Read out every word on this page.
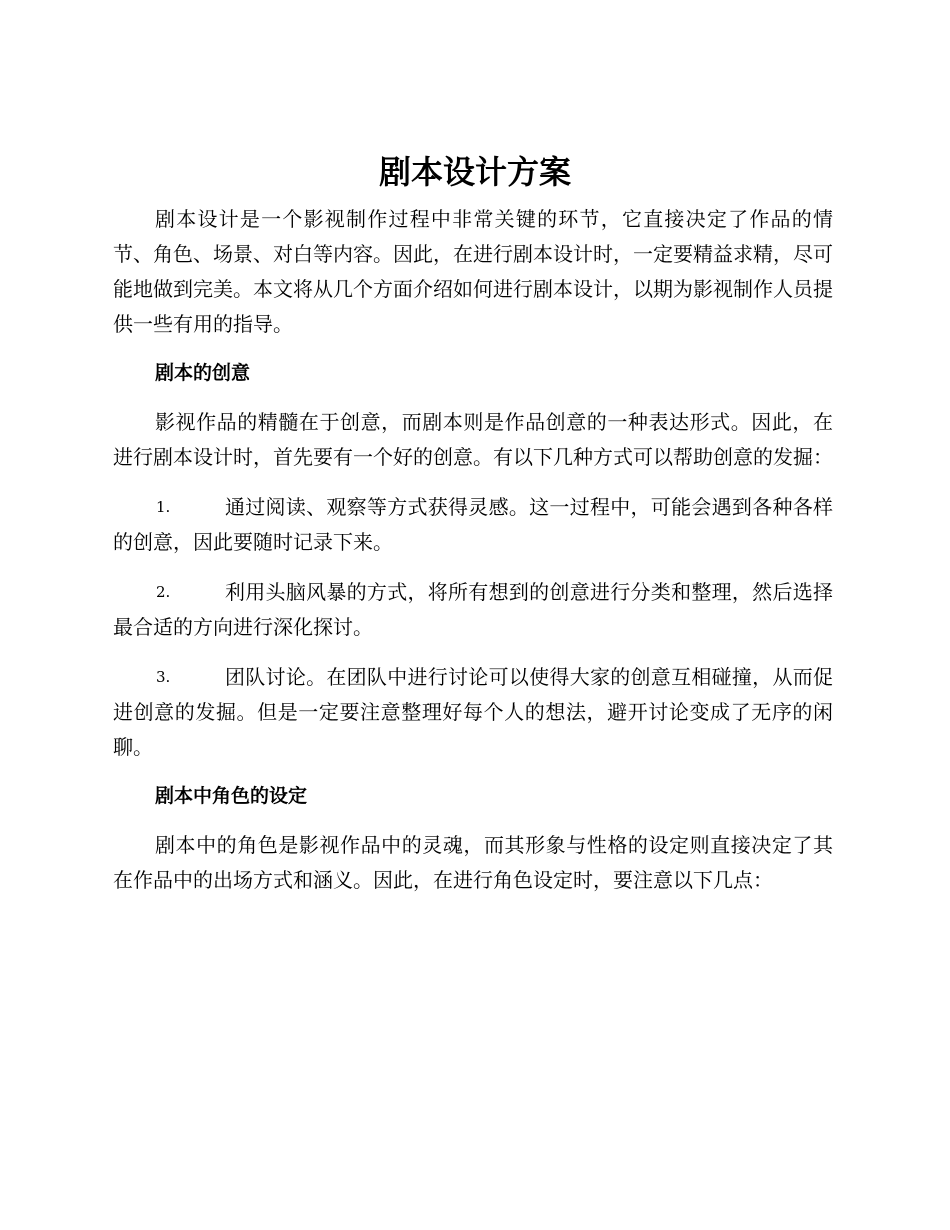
剧本设计方案

剧本设计是一个影视制作过程中非常关键的环节，它直接决定了作品的情节、角色、场景、对白等内容。因此，在进行剧本设计时，一定要精益求精，尽可能地做到完美。本文将从几个方面介绍如何进行剧本设计，以期为影视制作人员提供一些有用的指导。

剧本的创意

影视作品的精髓在于创意，而剧本则是作品创意的一种表达形式。因此，在进行剧本设计时，首先要有一个好的创意。有以下几种方式可以帮助创意的发掘：

1.	通过阅读、观察等方式获得灵感。这一过程中，可能会遇到各种各样的创意，因此要随时记录下来。

2.	利用头脑风暴的方式，将所有想到的创意进行分类和整理，然后选择最合适的方向进行深化探讨。

3.	团队讨论。在团队中进行讨论可以使得大家的创意互相碰撞，从而促进创意的发掘。但是一定要注意整理好每个人的想法，避开讨论变成了无序的闲聊。

剧本中角色的设定

剧本中的角色是影视作品中的灵魂，而其形象与性格的设定则直接决定了其在作品中的出场方式和涵义。因此，在进行角色设定时，要注意以下几点：
